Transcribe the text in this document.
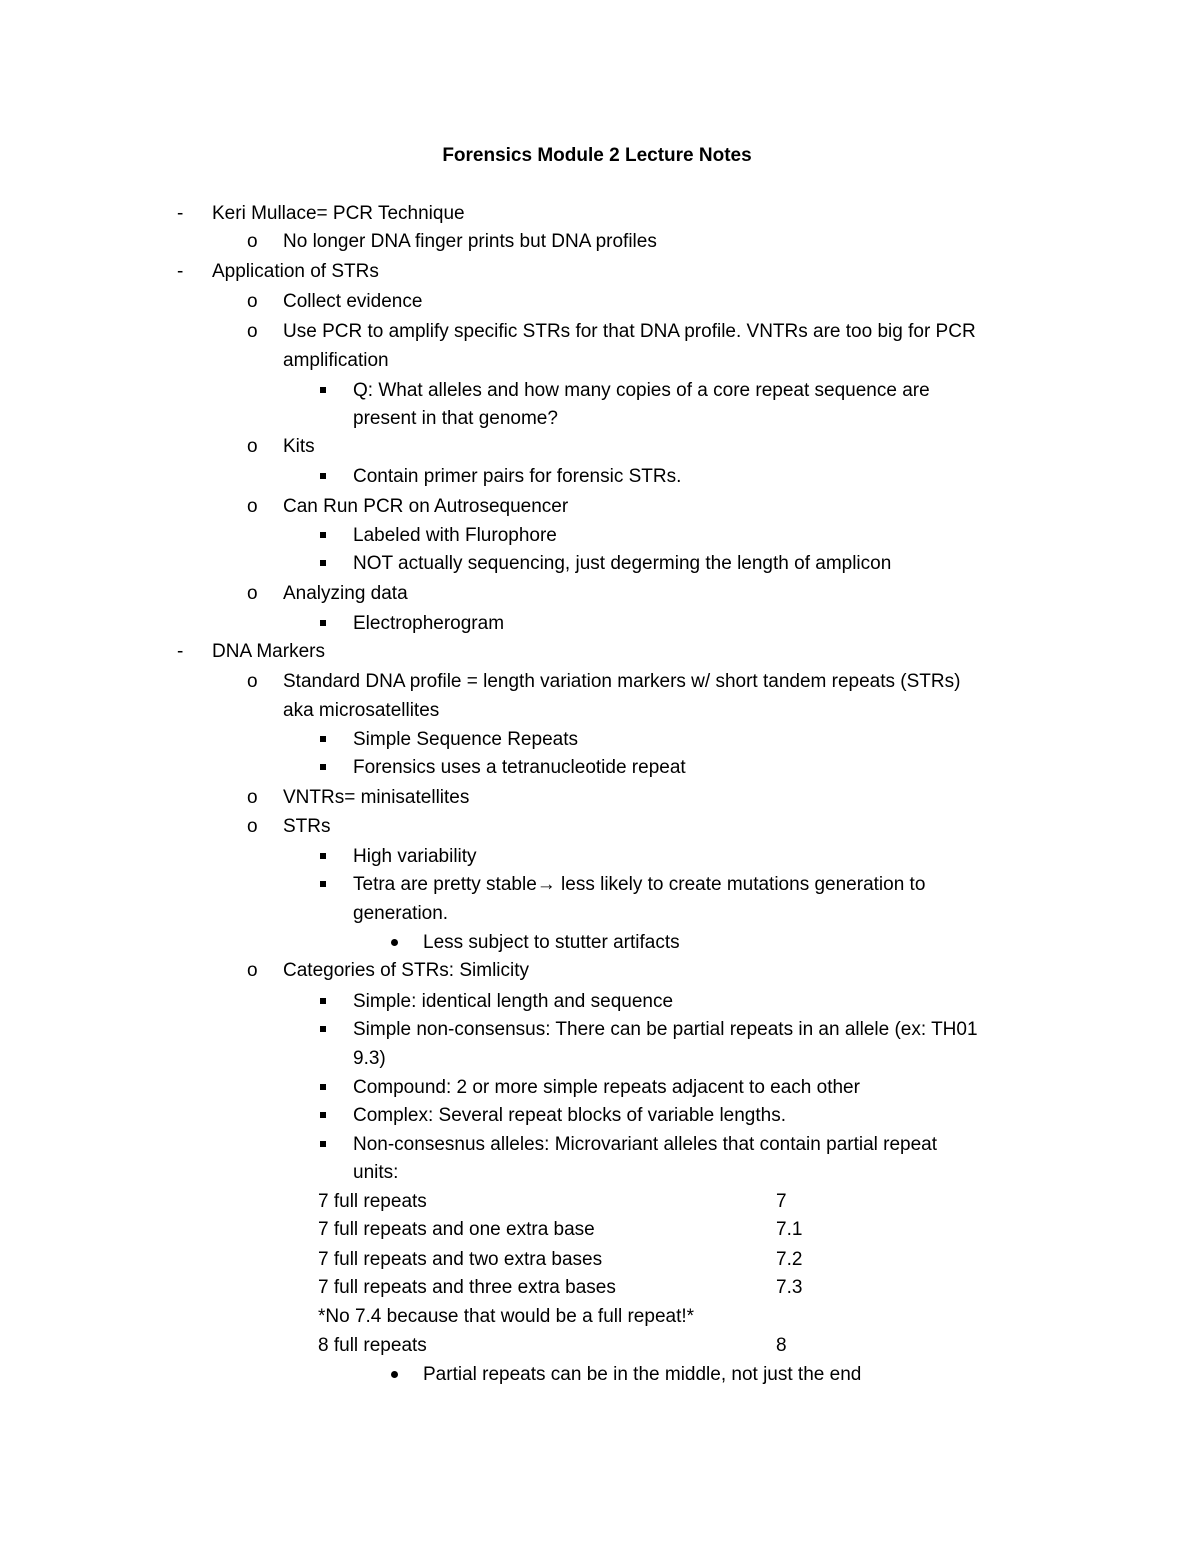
Forensics Module 2 Lecture Notes
- Keri Mullace= PCR Technique
o No longer DNA finger prints but DNA profiles
- Application of STRs
o Collect evidence
o Use PCR to amplify specific STRs for that DNA profile. VNTRs are too big for PCR
amplification
Q: What alleles and how many copies of a core repeat sequence are
present in that genome?
o Kits
Contain primer pairs for forensic STRs.
o Can Run PCR on Autrosequencer
Labeled with Flurophore
NOT actually sequencing, just degerming the length of amplicon
o Analyzing data
Electropherogram
- DNA Markers
o Standard DNA profile = length variation markers w/ short tandem repeats (STRs)
aka microsatellites
Simple Sequence Repeats
Forensics uses a tetranucleotide repeat
o VNTRs= minisatellites
o STRs
High variability
Tetra are pretty stable→ less likely to create mutations generation to
generation.
Less subject to stutter artifacts
o Categories of STRs: Simlicity
Simple: identical length and sequence
Simple non-consensus: There can be partial repeats in an allele (ex: TH01
9.3)
Compound: 2 or more simple repeats adjacent to each other
Complex: Several repeat blocks of variable lengths.
Non-consesnus alleles: Microvariant alleles that contain partial repeat
units:
7 full repeats	7
7 full repeats and one extra base	7.1
7 full repeats and two extra bases	7.2
7 full repeats and three extra bases	7.3
*No 7.4 because that would be a full repeat!*
8 full repeats	8
Partial repeats can be in the middle, not just the end
